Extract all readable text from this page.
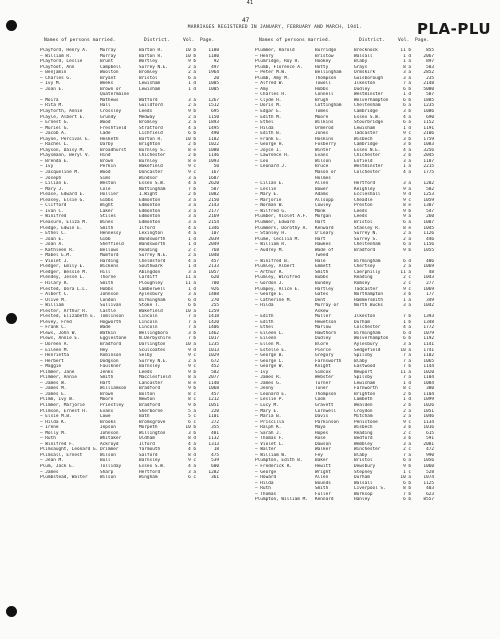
41
47
MARRIAGES REGISTERED IN JANUARY, FEBRUARY AND MARCH, 1941.	PLA-PLU
Names of persons married.	District.	Vol. Page.
Playford, Henry A.	Murray	Barton R.	10 b	1180
— William R.	Murray	Barton R.	10 b	1180
Playford, Leslie	Brunt	Wortley	9 b	92
Playfoot, Ann	Campbell	Surrey N.E.	2 a	497
— Benjamin	Woolton	Bromley	2 a	1964
— Charles G.	Bryant	Bristol	6 a	20
— Ivy M.	Weeks	Lewisham	1 d	1005
— Joan E.	Brown or	Lewisham	1 d	1005
Quatermaine
— Moira	Mathews	Watford	3 a	1267
— Rita M.	Hall	Guildford	2 a	1512
Playforth, Annie	Crossley	Leeds	9 b	695
Playle, Albert E.	Grundy	Medway	2 a	1150
— Ernest G.	Wood	Bromley	2 a	1893
— Muriel G.	Freshfield	Stratford	4 a	1495
— Jacob A.	Cade	Lichfield	6 b	490
Playne, Percival E.	Hesketh	Barton R.	10 b	1182
— Rachel L.	Darby	Brighton	2 b	1022
Playson, Daisy M.	Broadhurst	Burnley S.	8 e	1080
Playsmann, Beryl V.	Hind	Chichester	2 b	1146
— Brenda E.	Brown	Burnley	8 e	1093
— Ivy	Perkin	Wakefield	9 c	50
— Jacqueline M.	Wood	Doncaster	9 c	167
— Joseph	Sims	Windsor	3 a	1687
— Lilian E.	Weston	Essex S.W.	4 a	2620
— Mary J.	Cole	Nottingham	7 b	587
Please, Edward E.	Hollier	I.Wight	2 b	1082
Pleasey, Elsie G.	Gibbs	Edmonton	3 a	2150
— Clifford	Wight	Edmonton	3 a	2143
— Ivan C.	Laker	Edmonton	3 a	2177
— Winifred	Stiles	Edmonton	3 a	2169
Pleasure, Eliza M.	Wines	Edmonton	3 a	2154
Pledge, Edwin E.	Smith	Ilford	4 a	1346
— Ethel C.	Hennessy	Lexington	4 a	107
— Joan E.	Gibb	Wandsworth	1 d	2039
— Joan A.	Sheffield	Wandsworth	1 d	2049
— Kathleen R.	Bellows	Reading	2 c	768
— Mabel E.M.	Mumford	Surrey N.E.	2 a	1040
— Violet J.	Harding	Chelmsford	4 a	457
Pledger, Emily E.	Wickens	Southwark	1 d	2133
Pledger, Bessie M.	Hill	Abingdon	3 a	1057
Plendey, Jesse L.	Thorne	Cardiff	11 a	620
— Hilary R.	Smith	Ploughley	11 a	700
Plested, Dora L.L.	Hobbs	Camberwell	1 d	926
— Albert C.	Johnson	Aylesbury	3 a	1488
— Olive M.	Condon	Birmingham	6 d	270
— William	Sullivan	Stoke T.	6 b	255
Plester, Arthur R.	Castle	Wakefield	10 a	1259
Plested, Elizabeth E.	Tomlinson	Lincoln	7 a	1418
Plevey, Fred	Hogworth	Lincoln	7 a	1420
— Frank C.	Wade	Lincoln	7 a	1406
Plews, John W.	Watkin	Wellingboro	3 b	1462
Plews, Annie E.	Egglestone	N.Derbyshire	7 b	1017
— Doreen A.	Bradford	Darlington	10 a	1235
— Eileen M.	Hey	Sculcoates	9 d	1013
— Henrietta	Robinson	Selby	9 c	1029
— Herbert	Dodgson	Surrey N.E.	2 a	672
— Maggie	Faulkner	Barnsley	9 c	452
Plimmer, Jane	Jenks	Leeds	9 b	582
Plimmer, Annie	Smith	Macclesfield	8 a	2077
— James W.	Hart	Lancaster	8 e	1140
— James M.	Williamson	Bradford	9 b	1068
— James E.	Brown	Bolton	8 c	457
Plimm, Ivy W.	Moore	Newton	8 c	1212
Plimmer, Marjorie	Priestley	Bradford	9 b	1051
Plimson, Ernest H.	Evans	Sherborne	5 a	220
— Elsie M.B.	Lowe	Bath	5 c	1101
— Hilda K.	Brooks	Bromsgrove	6 c	272
— Irene	Jepson	Morpeth	10 b	355
— Molly M.	Johnson	Willington	3 b	481
— Ruth	Whitaker	Oldham	8 d	1132
— Winifred F.	Ackroyd	Ilford	4 a	1313
Plimsaught, Leonard G. Drimmer	Yarmouth	4 b	18
Plimsall, Ernest	Wilson	Salford	8 d	475
— Jean M.	Bull	Barnsley	9 c	539
Plum, Jack E.	Tolliday	Essex S.W.	4 a	600
— James	Sharp	Hertford	3 a	1282
Plumbstead, Walter	Wilson	Wingham	6 c	361
Names of persons married.	District.	Vol. Page.
Plummer, Harold	Burridge	Brecknock	11 b	855
— Henry	Bristow	Walsall	1 d	2067
Plumridge, Roy H.	Hookey	Blaby	1 a	897
Plumb, Florence A.	Hotty	Grays	8 a	583
— Peter M.W.	Bellingham	Ormskirk	3 a	2852
Plumb, Amy M.	Thompson	Guisborough	3 a	235
— Alfred W.	Towell	Ilkeston	7 a	2148
— Amy	Hobbs	Dudley	6 b	5080
— Charles H.	Connell	Westminster	1 d	587
— Clyde H.	Brugh	Wolverhampton	6 b	1885
— Doris M.	Cottingham	Cheltenham	6 a	1235
— Edgar E.	Tomes	Cambridge	3 b	1086
— Edith M.	Moore	Essex S.W.	4 a	690
— Ethel	Wilkins	Stourbridge	6 a	1152
— Hilda	Ormerod	Lewisham	1 d	1191
— Edith B.	Jones	Tadcaster	9 c	2106
— Frank E.	Hoskins	Wisbech	3 b	1759
— George H.	Fosberry	Cambridge	3 b	1083
— Joyce I.	Winter	Essex N.E.	4 a	3256
— Lawrence H.	Evans	Chichester	2 b	2045
— Leo	Wilson	Enfield	3 a	1187
— Leonard J.	Bruce	Westminster	1 a	2215
Mason or	Colchester	4 a	1775
Holmes
— Lilian E.	Allen	Hertford	3 a	1282
— Leslie	Bower	Keighley	9 a	582
— Mary E.	Adams	Eccleshall	9 d	1253
— Marjorie	Allsopp	Cheadle	9 c	1059
— Norman W.	Cowley	Preston	8 e	1307
— Wilfred G.	Monk	Leeds	9 b	547
Plumber, Violet A.F.	Morgan	Leeds	9 a	260
Plummer, Edward	Hart	Bristol	6 a	1007
Plummers, Dorothy A.	Kenward	Stanley R.	8 e	1045
— Stanley H.	O'Leary	Surrey N.	2 a	1126
Plume, Cecilia M.	Hart	Surrey S.	2 a	446
— William R.	Hawkes	Cheltenham	6 a	1156
— Audrey M.	Wade of	Bradford	9 b	1055
Tweed
— Winifred B.	Hale	Birmingham	6 d	486
Plumley, Albert	Emmett	Chertsey	2 a	1069
— Arthur R.	Smith	Caerphilly	11 a	48
Plumley, Winifred	Bubbs	Reading	2 c	1043
— Gordon J.	Bundey	Romsey	2 c	277
Plumpey, Alice E.	Hartley	Tadcaster	9 c	1069
— George E.	Gates	Northampton	3 b	177
— Catherine M.	Dent	Hammersmith	1 a	349
— Hilda	Murray or	North Bucks	3 a	1042
Askew
— Edith	Muller	Ilkeston	7 b	1393
— Edith	Hewetson	Durham	1 b	1348
— Ethel	Marlow	Colchester	4 a	1772
— Eileen L.	Hawthorn	Birmingham	6 d	1079
— Eileen	Dudley	Wolverhampton	6 b	1192
— Ellen M.	Blore	Aylesbury	3 a	1141
— Estelle E.	Pierce	Sedgefield	10 a	1741
— George B.	Gregory	Spilsby	7 a	1182
— George L.	Farnsworth	Blaby	7 a	1065
— George W.	Knight	Eastwood	7 b	1144
— Ivy	Simcox	Newport	11 a	1020
— James R.	Webster	Spilsby	7 a	1104
— James G.	Turner	Lewisham	1 d	1084
— Jenny	Tuner	Farnworth	8 c	380
— Leonard E.	Thompson	Brighton	2 b	1104
— Leslie P.	Cook	Lambeth	1 d	1099
— Lucy M.	Gravett	Wealden	2 b	1026
— Mary E.	Cornwell	Croydon	2 a	1051
— Maria B.	Davis	Mitcham	2 a	1046
— Priscilla	Parkinson	Penistone	9 c	1134
— Ralph K.	Mayo	Wisbech	3 b	1016
— Sarah J.	Hopes	Reading	2 c	615
— Thomas F.	Rose	Bedford	3 b	591
— Violet L.	Dawson	Wembley	3 a	2081
— Walter	Walker	Winchester	2 c	472
— William W.	Fey	Blaby	7 a	990
Plumpton, Edith B.	Baker	Bristol	6 a	1056
— Frederick R.	Hewitt	Dewsbury	9 b	1060
— George	Wright	Stepney	1 c	528
— Howard	Allen	Durham	10 a	1074
— Hilda	Bounds	Walsall	6 b	1125
— Ruth	Smith	Liverpool S.	8 b	403
— Thomas	Fuller	Worksop	7 b	623
Plumpton, William M.	Kennard	Hanley	6 b	8557
